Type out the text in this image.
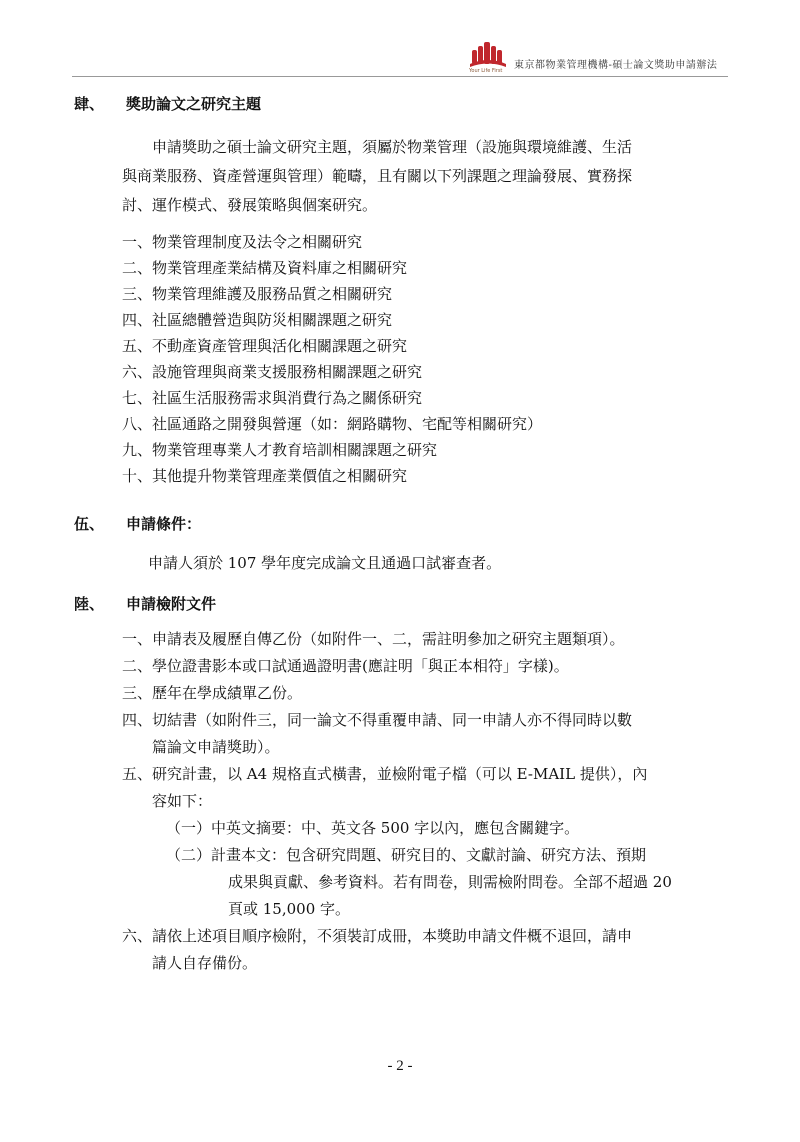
Your Life First 東京都物業管理機構-碩士論文獎助申請辦法
肆、 獎助論文之研究主題
申請獎助之碩士論文研究主題，須屬於物業管理（設施與環境維護、生活
與商業服務、資產營運與管理）範疇，且有關以下列課題之理論發展、實務探
討、運作模式、發展策略與個案研究。
一、物業管理制度及法令之相關研究
二、物業管理產業結構及資料庫之相關研究
三、物業管理維護及服務品質之相關研究
四、社區總體營造與防災相關課題之研究
五、不動產資產管理與活化相關課題之研究
六、設施管理與商業支援服務相關課題之研究
七、社區生活服務需求與消費行為之關係研究
八、社區通路之開發與營運（如：網路購物、宅配等相關研究）
九、物業管理專業人才教育培訓相關課題之研究
十、其他提升物業管理產業價值之相關研究
伍、 申請條件：
申請人須於 107 學年度完成論文且通過口試審查者。
陸、 申請檢附文件
一、申請表及履歷自傳乙份（如附件一、二，需註明參加之研究主題類項）。
二、學位證書影本或口試通過證明書(應註明「與正本相符」字樣)。
三、歷年在學成績單乙份。
四、切結書（如附件三，同一論文不得重覆申請、同一申請人亦不得同時以數
篇論文申請獎助）。
五、研究計畫，以 A4 規格直式橫書，並檢附電子檔（可以 E-MAIL 提供），內
容如下：
（一）中英文摘要：中、英文各 500 字以內，應包含關鍵字。
（二）計畫本文：包含研究問題、研究目的、文獻討論、研究方法、預期
成果與貢獻、參考資料。若有問卷，則需檢附問卷。全部不超過 20
頁或 15,000 字。
六、請依上述項目順序檢附，不須裝訂成冊，本獎助申請文件概不退回，請申
請人自存備份。
- 2 -
